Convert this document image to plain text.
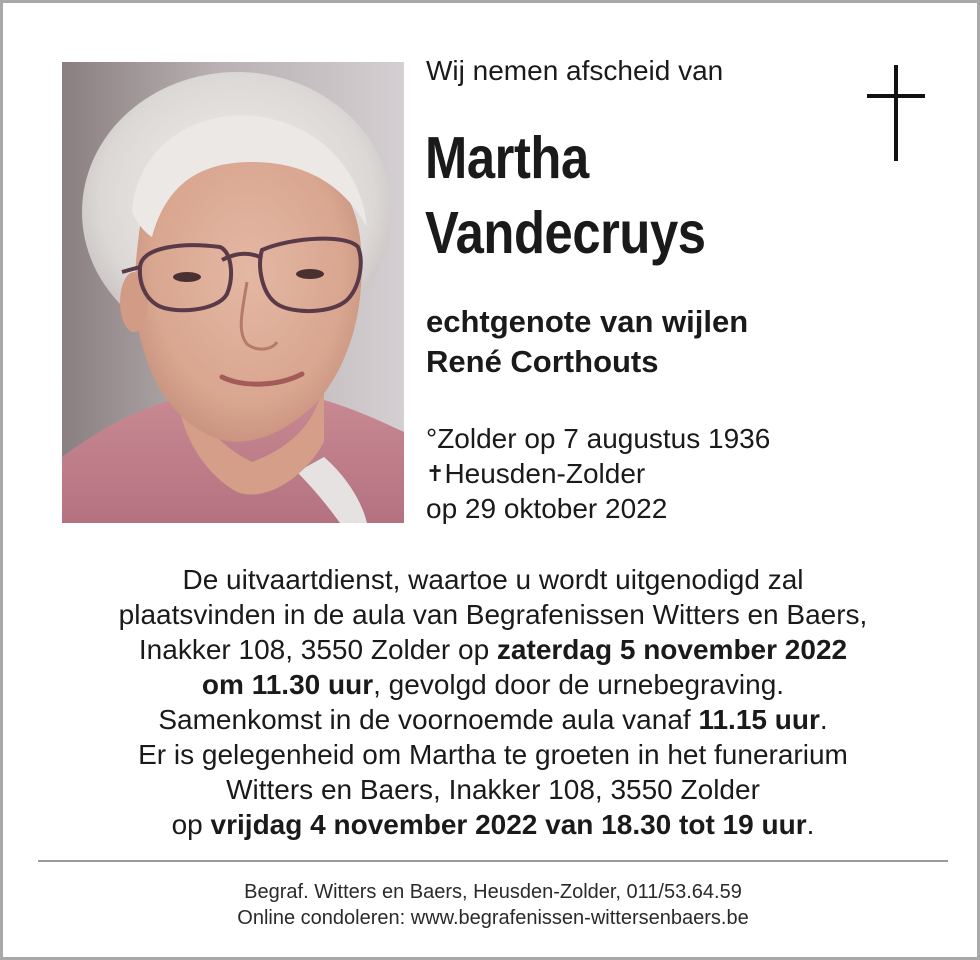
Wij nemen afscheid van
Martha
Vandecruys
echtgenote van wijlen
René Corthouts
°Zolder op 7 augustus 1936
✝Heusden-Zolder
op 29 oktober 2022
De uitvaartdienst, waartoe u wordt uitgenodigd zal
plaatsvinden in de aula van Begrafenissen Witters en Baers,
Inakker 108, 3550 Zolder op zaterdag 5 november 2022
om 11.30 uur, gevolgd door de urnebegraving.
Samenkomst in de voornoemde aula vanaf 11.15 uur.
Er is gelegenheid om Martha te groeten in het funerarium
Witters en Baers, Inakker 108, 3550 Zolder
op vrijdag 4 november 2022 van 18.30 tot 19 uur.
Begraf. Witters en Baers, Heusden-Zolder, 011/53.64.59
Online condoleren: www.begrafenissen-wittersenbaers.be
